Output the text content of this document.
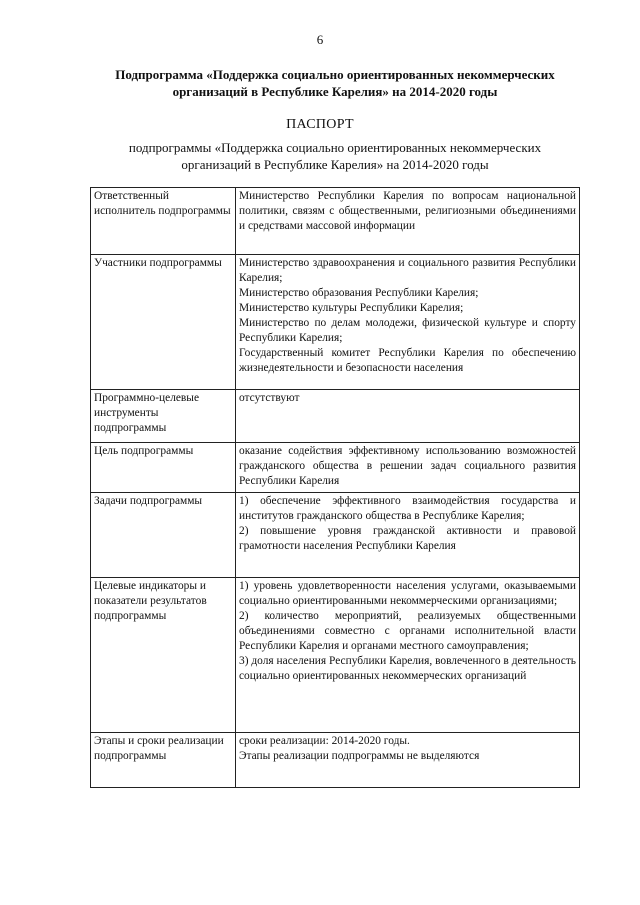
6
Подпрограмма «Поддержка социально ориентированных некоммерческих организаций в Республике Карелия» на 2014-2020 годы
ПАСПОРТ
подпрограммы «Поддержка социально ориентированных некоммерческих организаций в Республике Карелия» на 2014-2020 годы
Ответственный исполнитель подпрограммы	Министерство Республики Карелия по вопросам национальной политики, связям с общественными, религиозными объединениями и средствами массовой информации

Участники подпрограммы	Министерство здравоохранения и социального развития Республики Карелия;

Министерство образования Республики Карелия;

Министерство культуры Республики Карелия;

Министерство по делам молодежи, физической культуре и спорту Республики Карелия;

Государственный комитет Республики Карелия по обеспечению жизнедеятельности и безопасности населения

Программно-целевые инструменты подпрограммы	отсутствуют

Цель подпрограммы	оказание содействия эффективному использованию возможностей гражданского общества в решении задач социального развития Республики Карелия

Задачи подпрограммы	1) обеспечение эффективного взаимодействия государства и институтов гражданского общества в Республике Карелия;

2) повышение уровня гражданской активности и правовой грамотности населения Республики Карелия

Целевые индикаторы и показатели результатов подпрограммы	1) уровень удовлетворенности населения услугами, оказываемыми социально ориентированными некоммерческими организациями;

2) количество мероприятий, реализуемых общественными объединениями совместно с органами исполнительной власти Республики Карелия и органами местного самоуправления;

3) доля населения Республики Карелия, вовлеченного в деятельность социально ориентированных некоммерческих организаций

Этапы и сроки реализации подпрограммы	сроки реализации: 2014-2020 годы.

Этапы реализации подпрограммы не выделяются
